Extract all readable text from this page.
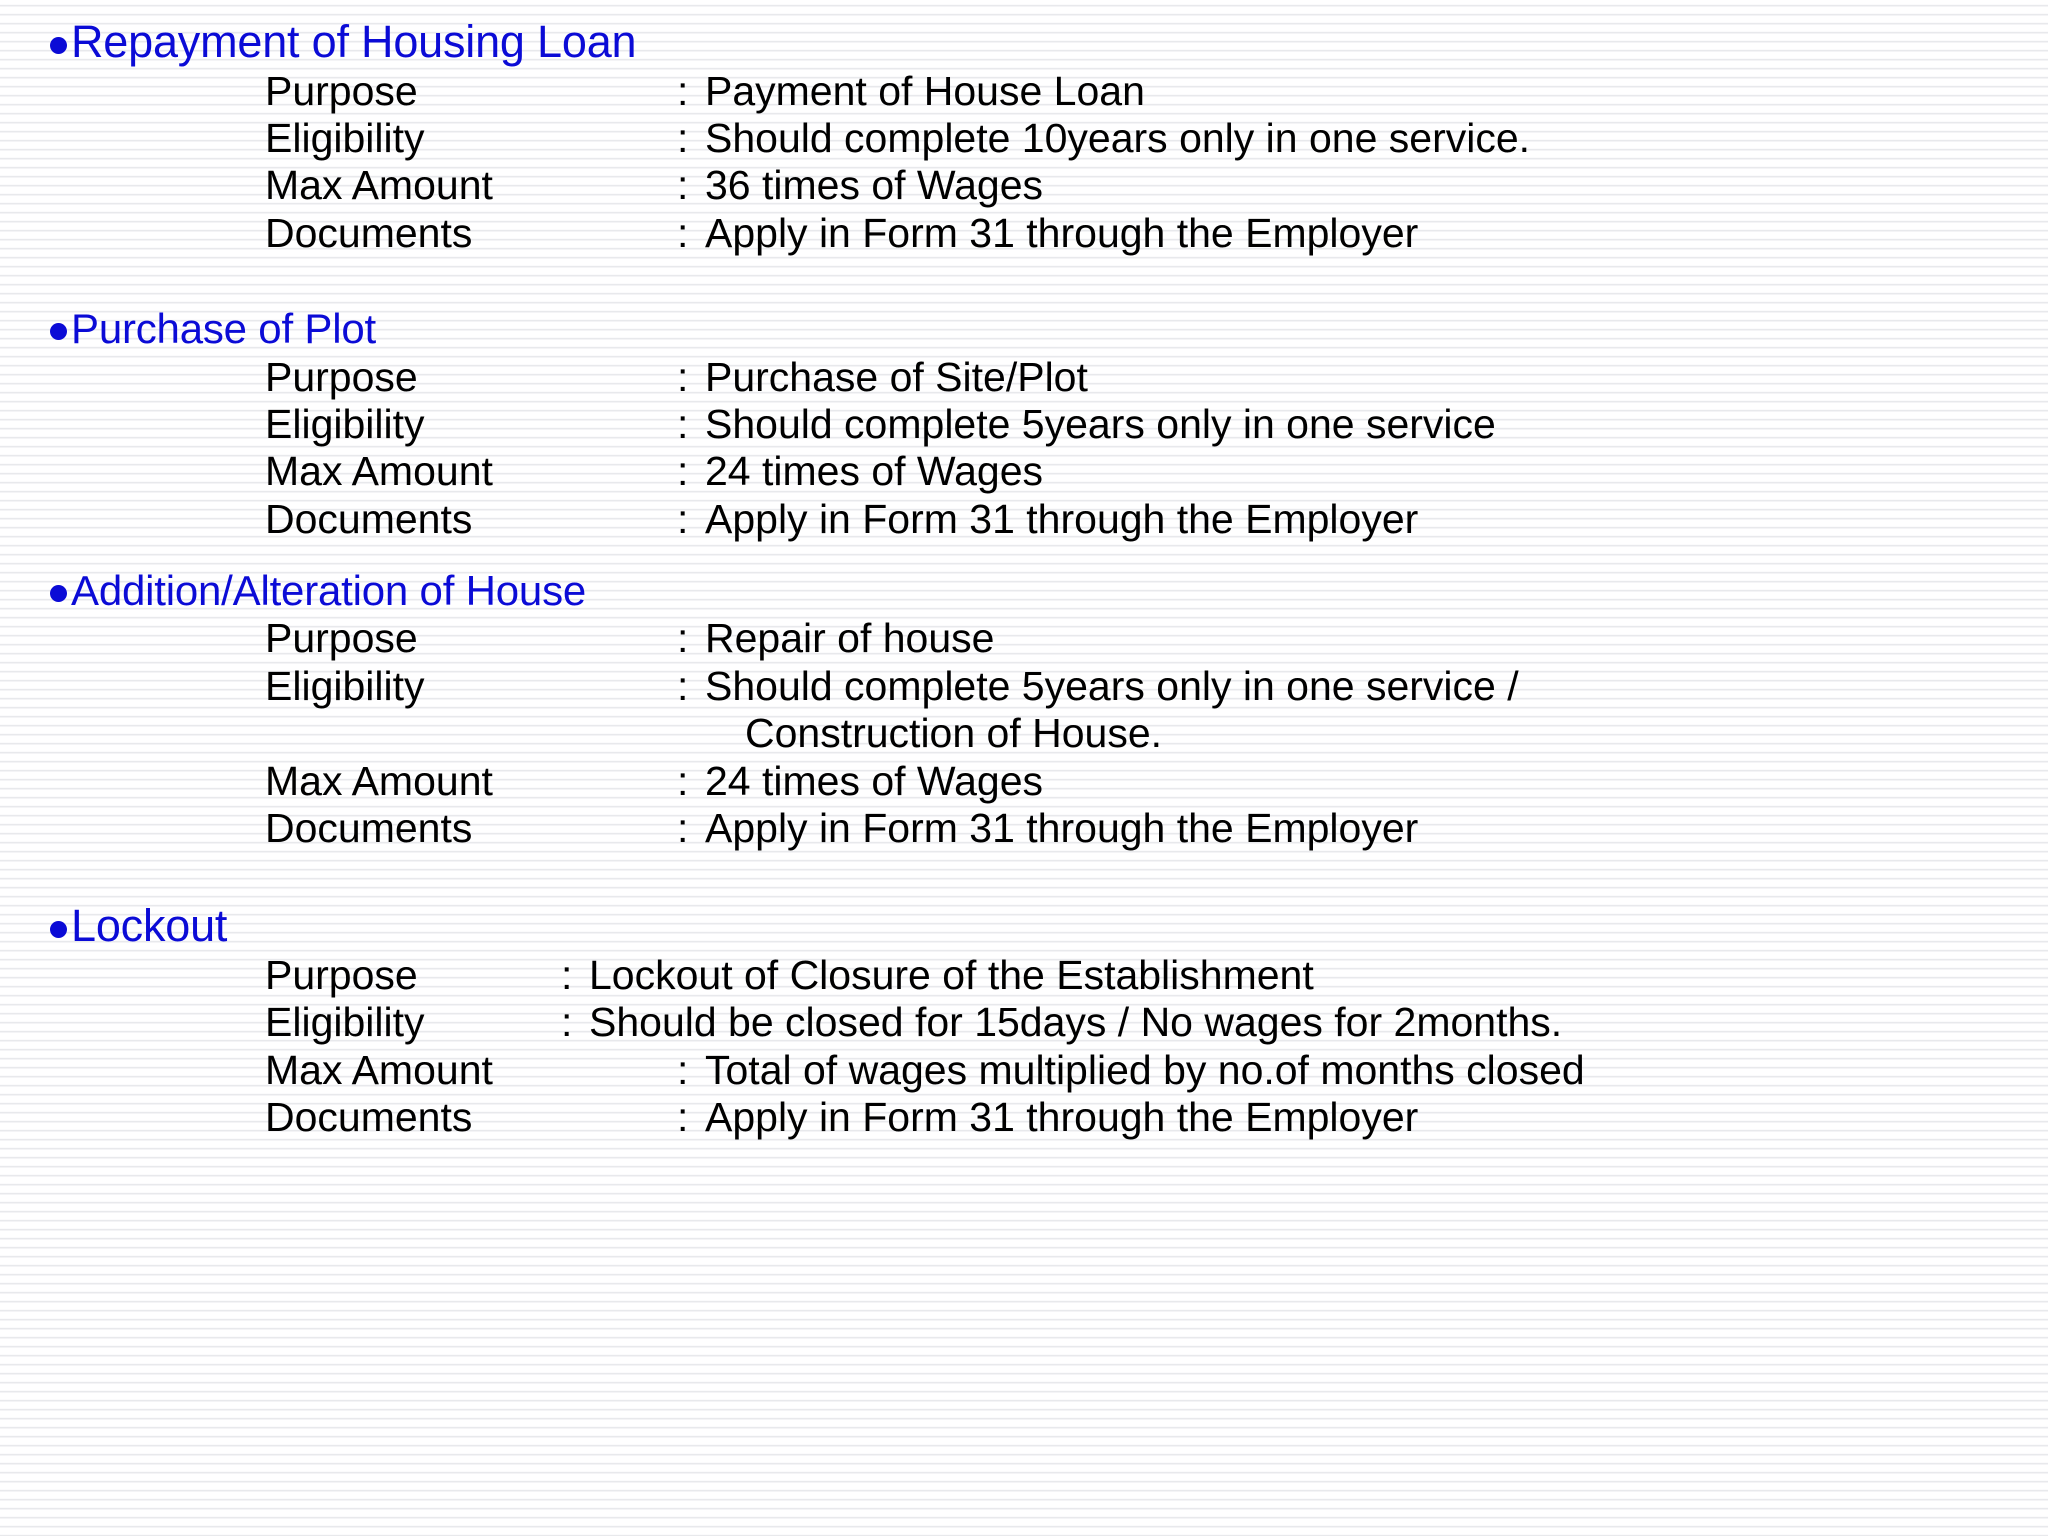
Repayment of Housing Loan
Purpose	: Payment of House Loan
Eligibility	: Should complete 10years only in one service.
Max Amount	: 36 times of Wages
Documents	: Apply in Form 31 through the Employer
Purchase of Plot
Purpose	: Purchase of Site/Plot
Eligibility	: Should complete 5years only in one service
Max Amount	: 24 times of Wages
Documents	: Apply in Form 31 through the Employer
Addition/Alteration of House
Purpose	: Repair of house
Eligibility	: Should complete 5years only in one service /
Construction of House.
Max Amount	: 24 times of Wages
Documents	: Apply in Form 31 through the Employer
Lockout
Purpose	: Lockout of Closure of the Establishment
Eligibility	: Should be closed for 15days / No wages for 2months.
Max Amount	: Total of wages multiplied by no.of months closed
Documents	: Apply in Form 31 through the Employer
